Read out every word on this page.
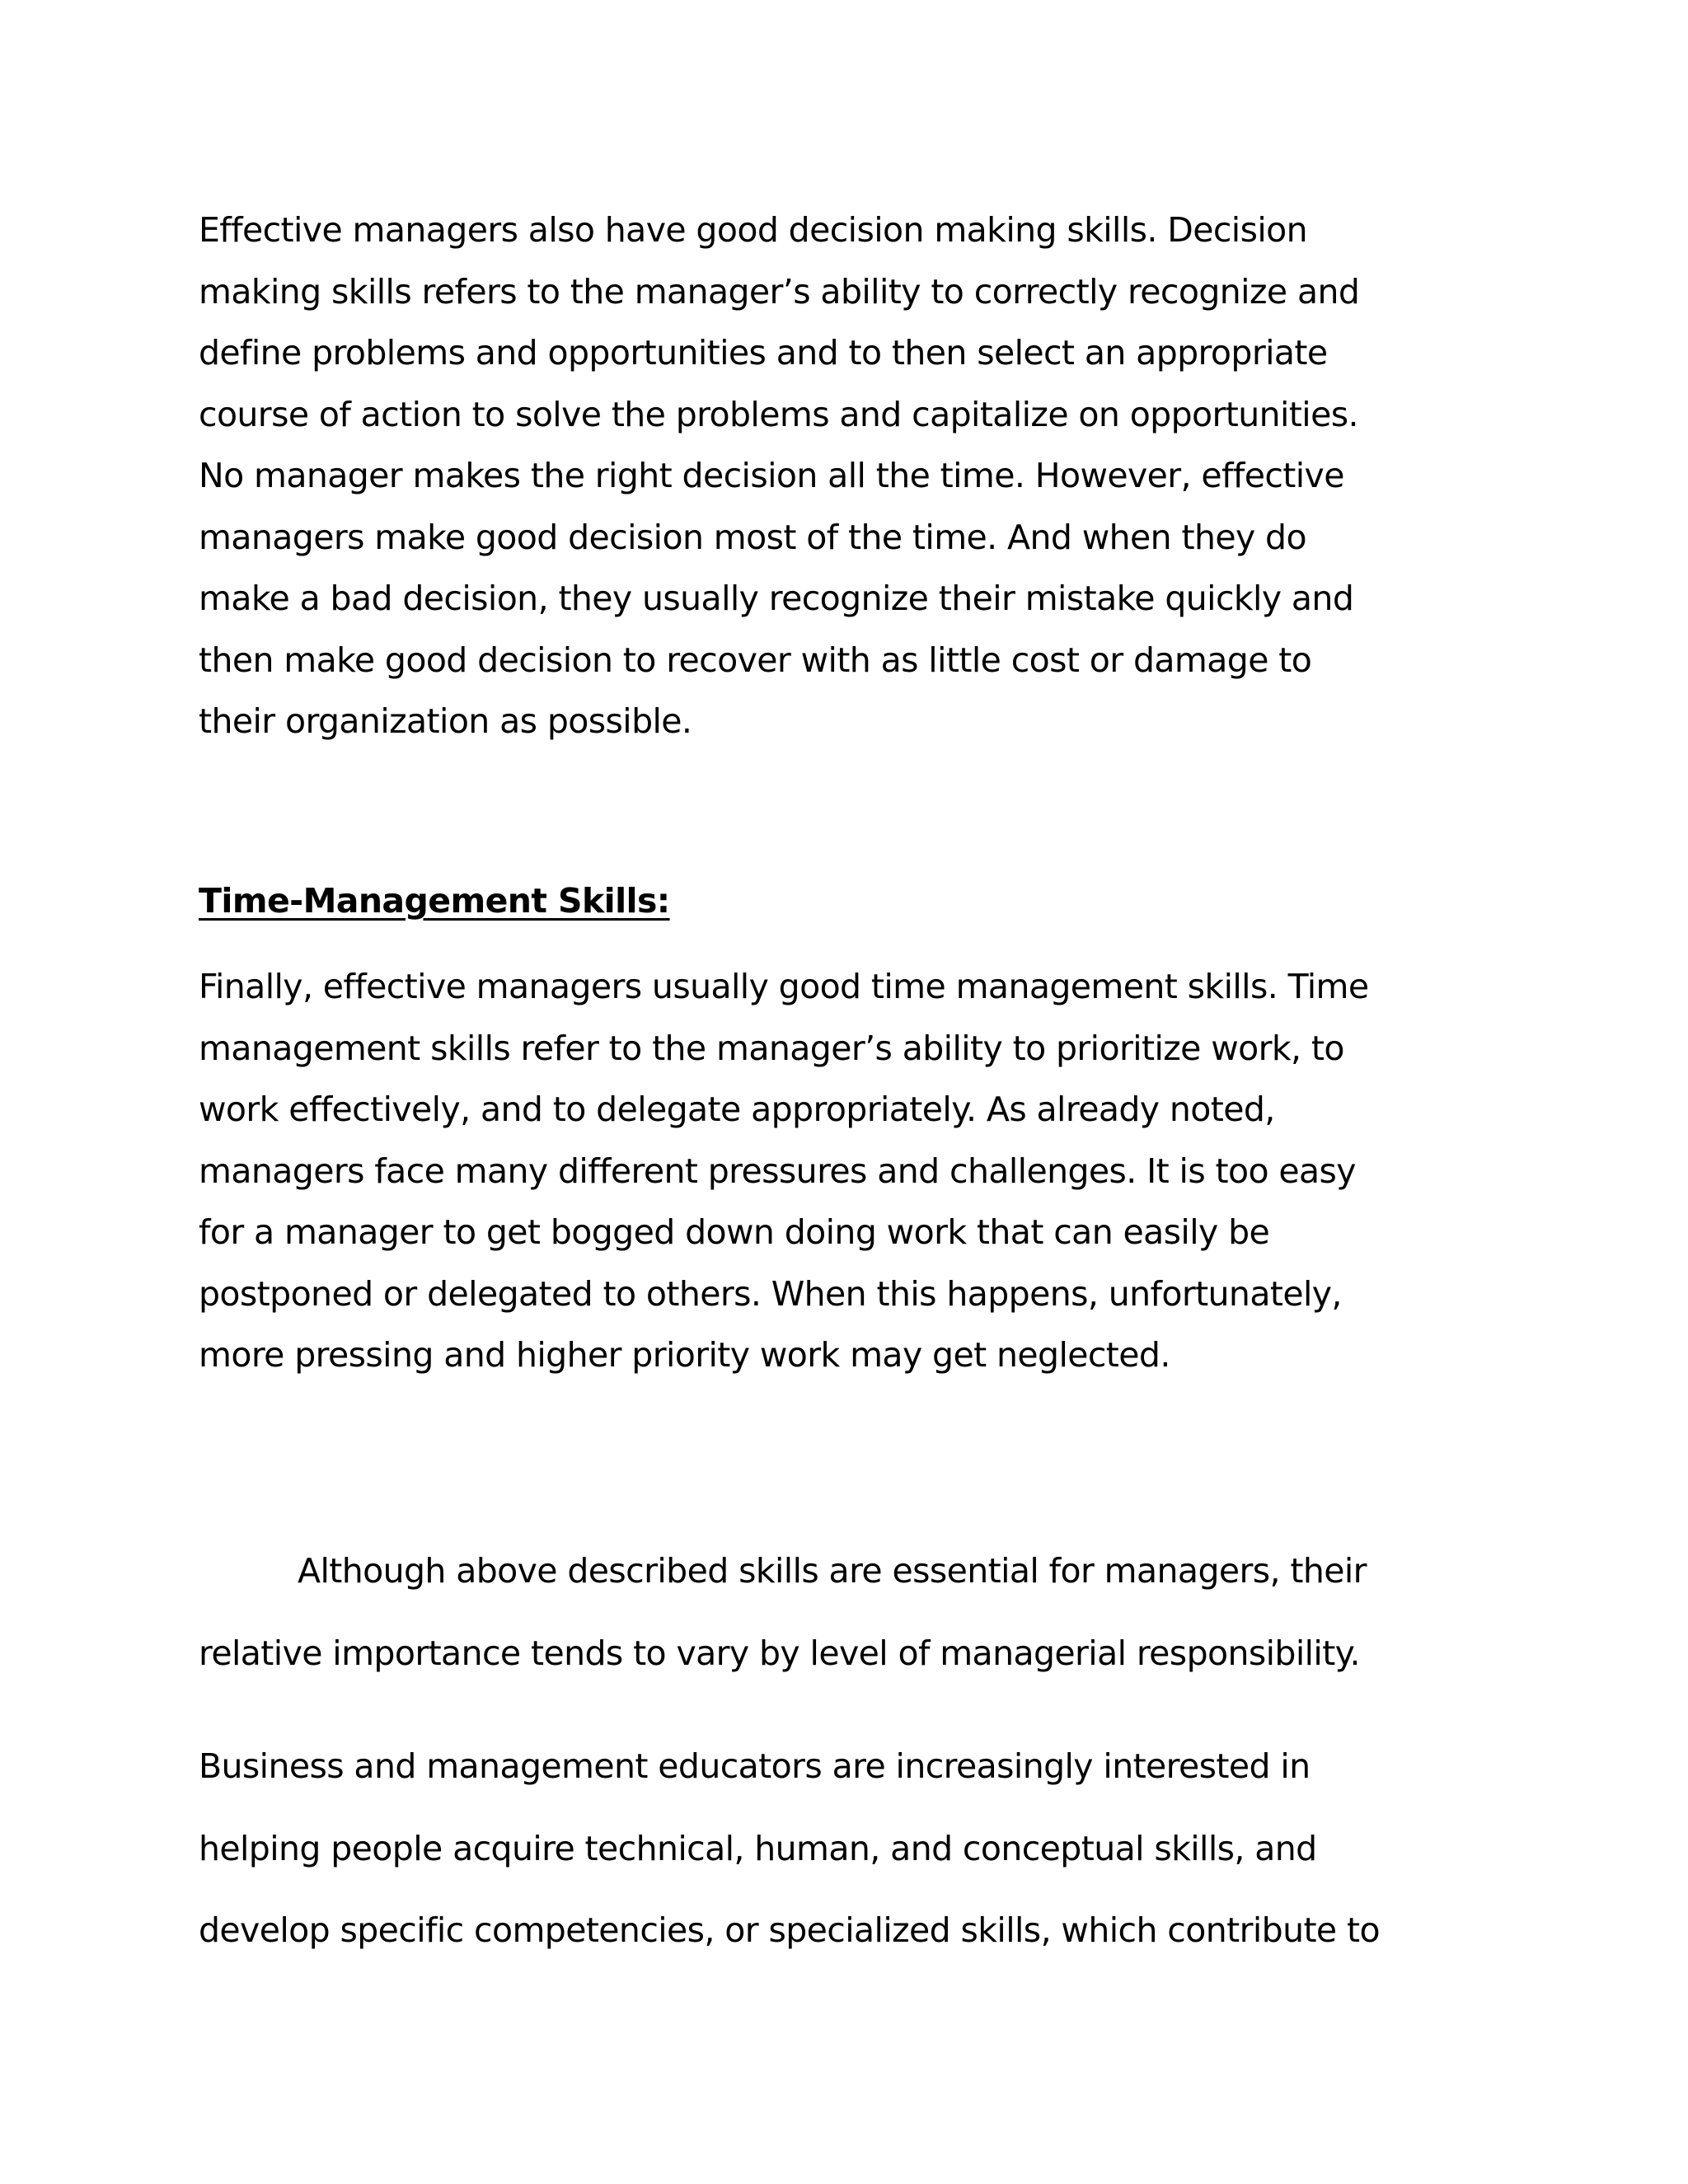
Effective managers also have good decision making skills. Decision
making skills refers to the manager’s ability to correctly recognize and
define problems and opportunities and to then select an appropriate
course of action to solve the problems and capitalize on opportunities.
No manager makes the right decision all the time. However, effective
managers make good decision most of the time. And when they do
make a bad decision, they usually recognize their mistake quickly and
then make good decision to recover with as little cost or damage to
their organization as possible.

Time-Management Skills:

Finally, effective managers usually good time management skills. Time
management skills refer to the manager’s ability to prioritize work, to
work effectively, and to delegate appropriately. As already noted,
managers face many different pressures and challenges. It is too easy
for a manager to get bogged down doing work that can easily be
postponed or delegated to others. When this happens, unfortunately,
more pressing and higher priority work may get neglected.

Although above described skills are essential for managers, their
relative importance tends to vary by level of managerial responsibility.

Business and management educators are increasingly interested in
helping people acquire technical, human, and conceptual skills, and
develop specific competencies, or specialized skills, which contribute to
